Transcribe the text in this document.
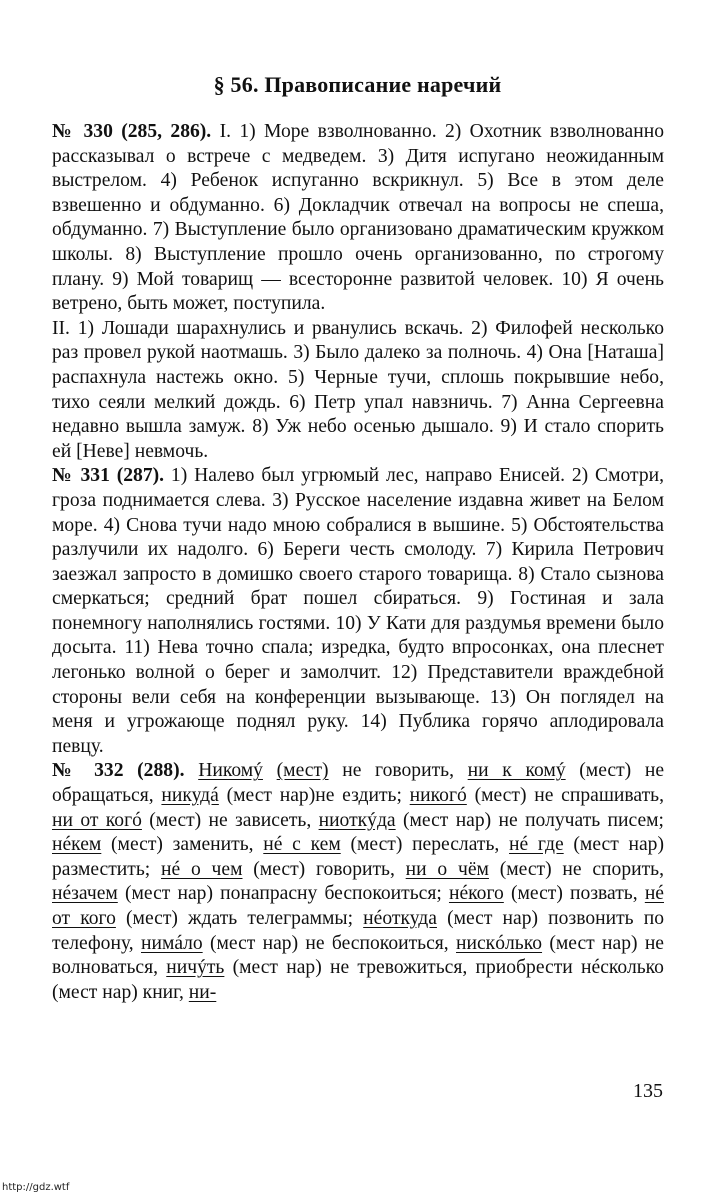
§ 56. Правописание наречий

№ 330 (285, 286). I. 1) Море взволнованно. 2) Охотник взволнованно рассказывал о встрече с медведем. 3) Дитя испугано неожиданным выстрелом. 4) Ребенок испуганно вскрикнул. 5) Все в этом деле взвешенно и обдуманно. 6) Докладчик отвечал на вопросы не спеша, обдуманно. 7) Выступление было организовано драматическим кружком школы. 8) Выступление прошло очень организованно, по строгому плану. 9) Мой товарищ — всесторонне развитой человек. 10) Я очень ветрено, быть может, поступила.

II. 1) Лошади шарахнулись и рванулись вскачь. 2) Филофей несколько раз провел рукой наотмашь. 3) Было далеко за полночь. 4) Она [Наташа] распахнула настежь окно. 5) Черные тучи, сплошь покрывшие небо, тихо сеяли мелкий дождь. 6) Петр упал навзничь. 7) Анна Сергеевна недавно вышла замуж. 8) Уж небо осенью дышало. 9) И стало спорить ей [Неве] невмочь.

№ 331 (287). 1) Налево был угрюмый лес, направо Енисей. 2) Смотри, гроза поднимается слева. 3) Русское население издавна живет на Белом море. 4) Снова тучи надо мною собралися в вышине. 5) Обстоятельства разлучили их надолго. 6) Береги честь смолоду. 7) Кирила Петрович заезжал запросто в домишко своего старого товарища. 8) Стало сызнова смеркаться; средний брат пошел сбираться. 9) Гостиная и зала понемногу наполнялись гостями. 10) У Кати для раздумья времени было досыта. 11) Нева точно спала; изредка, будто впросонках, она плеснет легонько волной о берег и замолчит. 12) Представители враждебной стороны вели себя на конференции вызывающе. 13) Он поглядел на меня и угрожающе поднял руку. 14) Публика горячо аплодировала певцу.

№ 332 (288). Никомý (мест) не говорить, ни к комý (мест) не обращаться, никудá (мест нар)не ездить; никогó (мест) не спрашивать, ни от когó (мест) не зависеть, ниоткýда (мест нар) не получать писем; нéкем (мест) заменить, нé с кем (мест) переслать, нé где (мест нар) разместить; нé о чем (мест) говорить, ни о чём (мест) не спорить, нéзачем (мест нар) понапрасну беспокоиться; нéкого (мест) позвать, нé от кого (мест) ждать телеграммы; нéоткуда (мест нар) позвонить по телефону, нимáло (мест нар) не беспокоиться, нискóлько (мест нар) не волноваться, ничýть (мест нар) не тревожиться, приобрести нéсколько (мест нар) книг, ни-

135
http://gdz.wtf
